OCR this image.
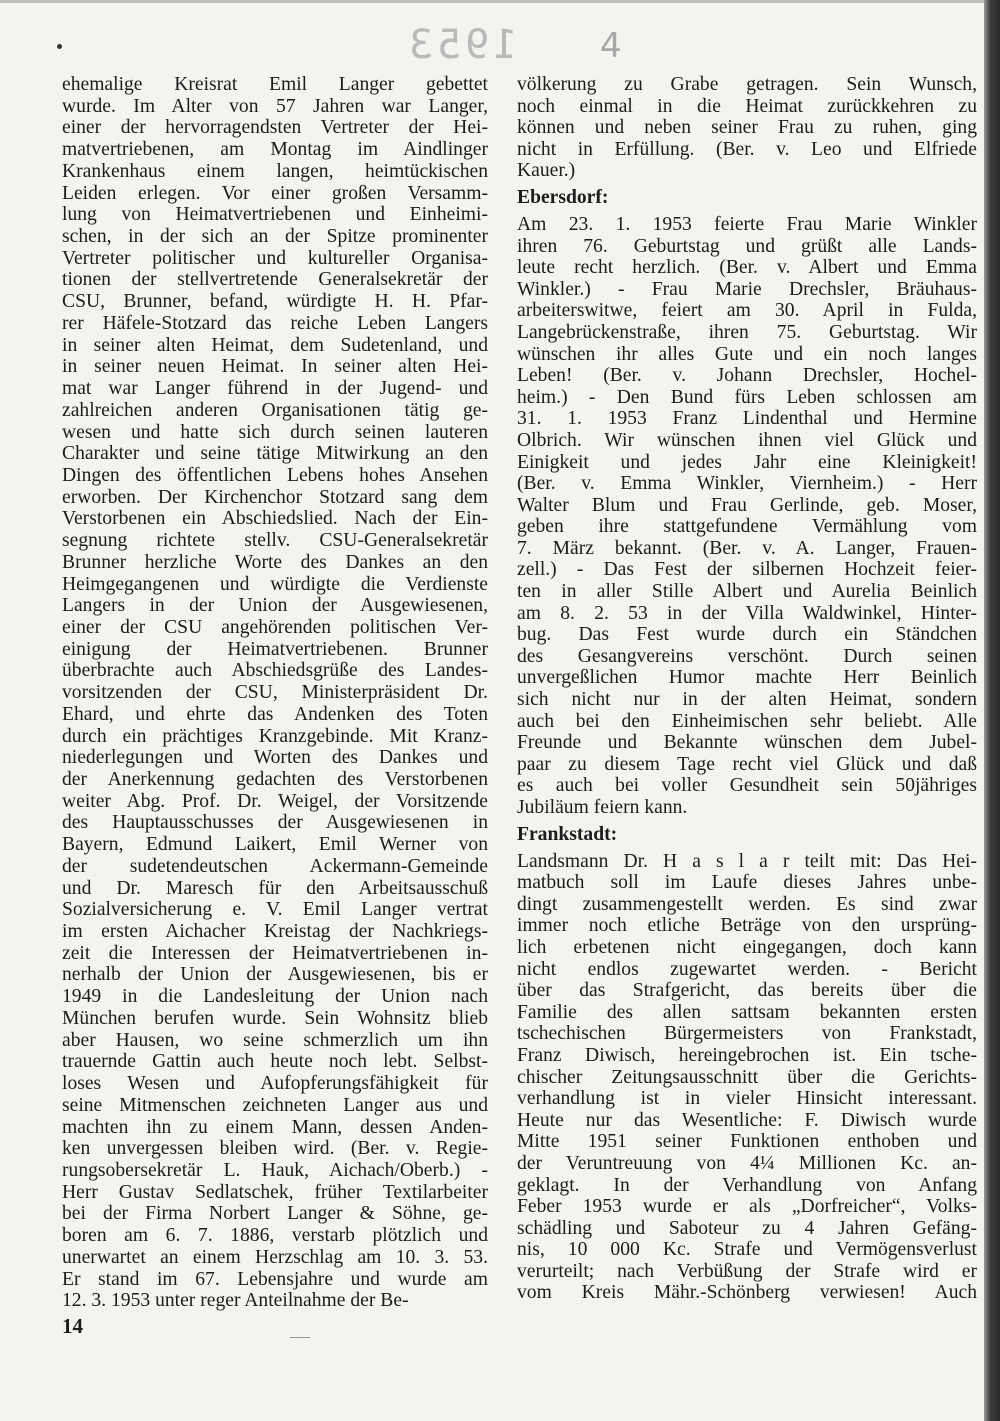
1953 4
ehemalige Kreisrat Emil Langer gebettet
wurde. Im Alter von 57 Jahren war Langer,
einer der hervorragendsten Vertreter der Hei-
matvertriebenen, am Montag im Aindlinger
Krankenhaus einem langen, heimtückischen
Leiden erlegen. Vor einer großen Versamm-
lung von Heimatvertriebenen und Einheimi-
schen, in der sich an der Spitze prominenter
Vertreter politischer und kultureller Organisa-
tionen der stellvertretende Generalsekretär der
CSU, Brunner, befand, würdigte H. H. Pfar-
rer Häfele-Stotzard das reiche Leben Langers
in seiner alten Heimat, dem Sudetenland, und
in seiner neuen Heimat. In seiner alten Hei-
mat war Langer führend in der Jugend- und
zahlreichen anderen Organisationen tätig ge-
wesen und hatte sich durch seinen lauteren
Charakter und seine tätige Mitwirkung an den
Dingen des öffentlichen Lebens hohes Ansehen
erworben. Der Kirchenchor Stotzard sang dem
Verstorbenen ein Abschiedslied. Nach der Ein-
segnung richtete stellv. CSU-Generalsekretär
Brunner herzliche Worte des Dankes an den
Heimgegangenen und würdigte die Verdienste
Langers in der Union der Ausgewiesenen,
einer der CSU angehörenden politischen Ver-
einigung der Heimatvertriebenen. Brunner
überbrachte auch Abschiedsgrüße des Landes-
vorsitzenden der CSU, Ministerpräsident Dr.
Ehard, und ehrte das Andenken des Toten
durch ein prächtiges Kranzgebinde. Mit Kranz-
niederlegungen und Worten des Dankes und
der Anerkennung gedachten des Verstorbenen
weiter Abg. Prof. Dr. Weigel, der Vorsitzende
des Hauptausschusses der Ausgewiesenen in
Bayern, Edmund Laikert, Emil Werner von
der sudetendeutschen Ackermann-Gemeinde
und Dr. Maresch für den Arbeitsausschuß
Sozialversicherung e. V. Emil Langer vertrat
im ersten Aichacher Kreistag der Nachkriegs-
zeit die Interessen der Heimatvertriebenen in-
nerhalb der Union der Ausgewiesenen, bis er
1949 in die Landesleitung der Union nach
München berufen wurde. Sein Wohnsitz blieb
aber Hausen, wo seine schmerzlich um ihn
trauernde Gattin auch heute noch lebt. Selbst-
loses Wesen und Aufopferungsfähigkeit für
seine Mitmenschen zeichneten Langer aus und
machten ihn zu einem Mann, dessen Anden-
ken unvergessen bleiben wird. (Ber. v. Regie-
rungsobersekretär L. Hauk, Aichach/Oberb.) -
Herr Gustav Sedlatschek, früher Textilarbeiter
bei der Firma Norbert Langer & Söhne, ge-
boren am 6. 7. 1886, verstarb plötzlich und
unerwartet an einem Herzschlag am 10. 3. 53.
Er stand im 67. Lebensjahre und wurde am
12. 3. 1953 unter reger Anteilnahme der Be-
völkerung zu Grabe getragen. Sein Wunsch,
noch einmal in die Heimat zurückkehren zu
können und neben seiner Frau zu ruhen, ging
nicht in Erfüllung. (Ber. v. Leo und Elfriede
Kauer.)
Ebersdorf:
Am 23. 1. 1953 feierte Frau Marie Winkler
ihren 76. Geburtstag und grüßt alle Lands-
leute recht herzlich. (Ber. v. Albert und Emma
Winkler.) - Frau Marie Drechsler, Bräuhaus-
arbeiterswitwe, feiert am 30. April in Fulda,
Langebrückenstraße, ihren 75. Geburtstag. Wir
wünschen ihr alles Gute und ein noch langes
Leben! (Ber. v. Johann Drechsler, Hochel-
heim.) - Den Bund fürs Leben schlossen am
31. 1. 1953 Franz Lindenthal und Hermine
Olbrich. Wir wünschen ihnen viel Glück und
Einigkeit und jedes Jahr eine Kleinigkeit!
(Ber. v. Emma Winkler, Viernheim.) - Herr
Walter Blum und Frau Gerlinde, geb. Moser,
geben ihre stattgefundene Vermählung vom
7. März bekannt. (Ber. v. A. Langer, Frauen-
zell.) - Das Fest der silbernen Hochzeit feier-
ten in aller Stille Albert und Aurelia Beinlich
am 8. 2. 53 in der Villa Waldwinkel, Hinter-
bug. Das Fest wurde durch ein Ständchen
des Gesangvereins verschönt. Durch seinen
unvergeßlichen Humor machte Herr Beinlich
sich nicht nur in der alten Heimat, sondern
auch bei den Einheimischen sehr beliebt. Alle
Freunde und Bekannte wünschen dem Jubel-
paar zu diesem Tage recht viel Glück und daß
es auch bei voller Gesundheit sein 50jähriges
Jubiläum feiern kann.
Frankstadt:
Landsmann Dr. H a s l a r teilt mit: Das Hei-
matbuch soll im Laufe dieses Jahres unbe-
dingt zusammengestellt werden. Es sind zwar
immer noch etliche Beträge von den ursprüng-
lich erbetenen nicht eingegangen, doch kann
nicht endlos zugewartet werden. - Bericht
über das Strafgericht, das bereits über die
Familie des allen sattsam bekannten ersten
tschechischen Bürgermeisters von Frankstadt,
Franz Diwisch, hereingebrochen ist. Ein tsche-
chischer Zeitungsausschnitt über die Gerichts-
verhandlung ist in vieler Hinsicht interessant.
Heute nur das Wesentliche: F. Diwisch wurde
Mitte 1951 seiner Funktionen enthoben und
der Veruntreuung von 4¼ Millionen Kc. an-
geklagt. In der Verhandlung von Anfang
Feber 1953 wurde er als „Dorfreicher“, Volks-
schädling und Saboteur zu 4 Jahren Gefäng-
nis, 10 000 Kc. Strafe und Vermögensverlust
verurteilt; nach Verbüßung der Strafe wird er
vom Kreis Mähr.-Schönberg verwiesen! Auch
14
